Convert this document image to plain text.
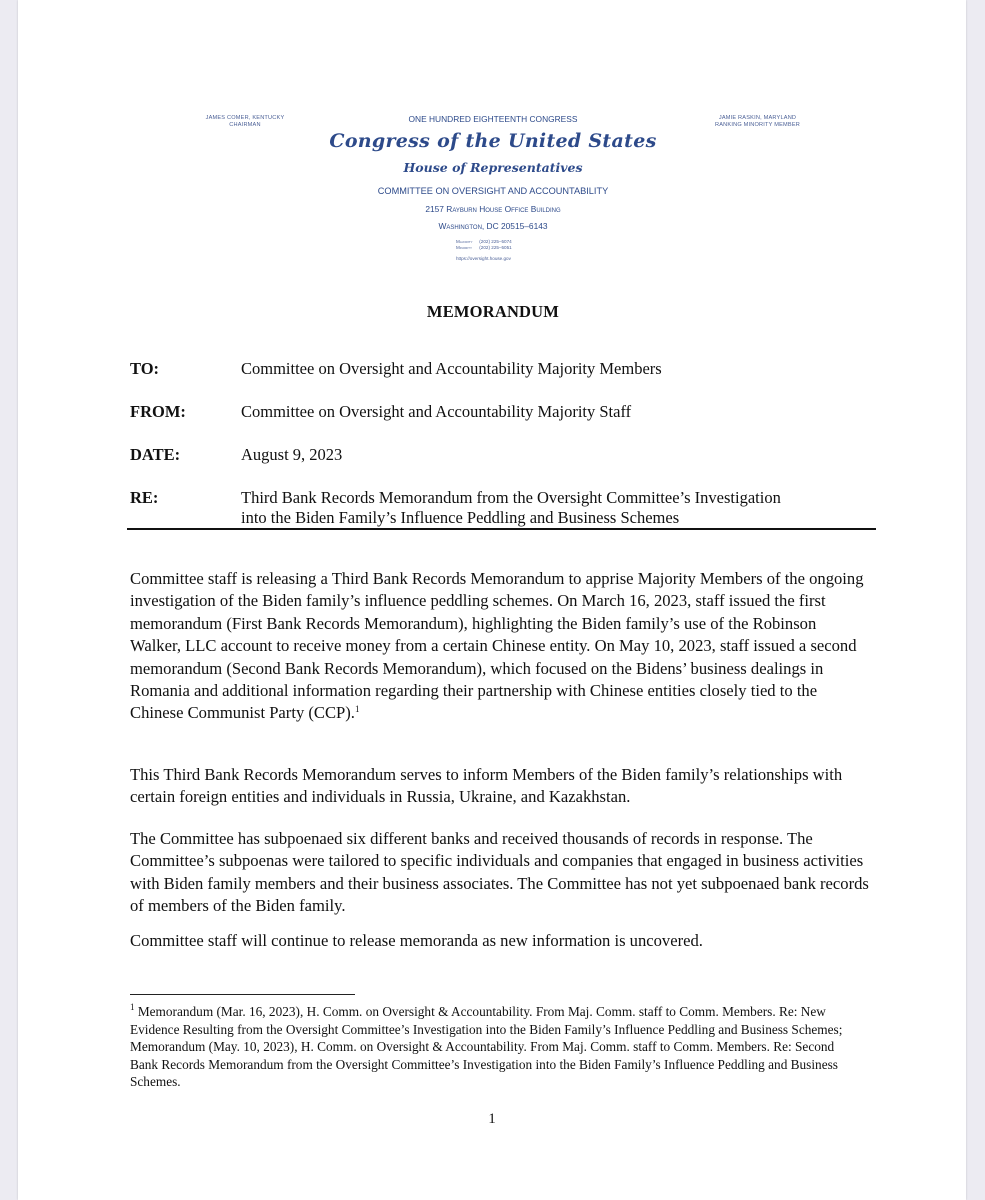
JAMES COMER, KENTUCKY
CHAIRMAN
JAMIE RASKIN, MARYLAND
RANKING MINORITY MEMBER
ONE HUNDRED EIGHTEENTH CONGRESS
Congress of the United States
House of Representatives
COMMITTEE ON OVERSIGHT AND ACCOUNTABILITY
2157 Rayburn House Office Building
Washington, DC 20515–6143
Majority (202) 225–5074
Minority (202) 225–5051
https://oversight.house.gov
MEMORANDUM
TO:	Committee on Oversight and Accountability Majority Members
FROM:	Committee on Oversight and Accountability Majority Staff
DATE:	August 9, 2023
RE:	Third Bank Records Memorandum from the Oversight Committee’s Investigation
into the Biden Family’s Influence Peddling and Business Schemes
Committee staff is releasing a Third Bank Records Memorandum to apprise Majority Members of the ongoing investigation of the Biden family’s influence peddling schemes. On March 16, 2023, staff issued the first memorandum (First Bank Records Memorandum), highlighting the Biden family’s use of the Robinson Walker, LLC account to receive money from a certain Chinese entity. On May 10, 2023, staff issued a second memorandum (Second Bank Records Memorandum), which focused on the Bidens’ business dealings in Romania and additional information regarding their partnership with Chinese entities closely tied to the Chinese Communist Party (CCP).$^1$
This Third Bank Records Memorandum serves to inform Members of the Biden family’s relationships with certain foreign entities and individuals in Russia, Ukraine, and Kazakhstan.
The Committee has subpoenaed six different banks and received thousands of records in response. The Committee’s subpoenas were tailored to specific individuals and companies that engaged in business activities with Biden family members and their business associates. The Committee has not yet subpoenaed bank records of members of the Biden family.
Committee staff will continue to release memoranda as new information is uncovered.
$^1$ Memorandum (Mar. 16, 2023), H. Comm. on Oversight & Accountability. From Maj. Comm. staff to Comm. Members. Re: New Evidence Resulting from the Oversight Committee’s Investigation into the Biden Family’s Influence Peddling and Business Schemes; Memorandum (May. 10, 2023), H. Comm. on Oversight & Accountability. From Maj. Comm. staff to Comm. Members. Re: Second Bank Records Memorandum from the Oversight Committee’s Investigation into the Biden Family’s Influence Peddling and Business Schemes.
1
